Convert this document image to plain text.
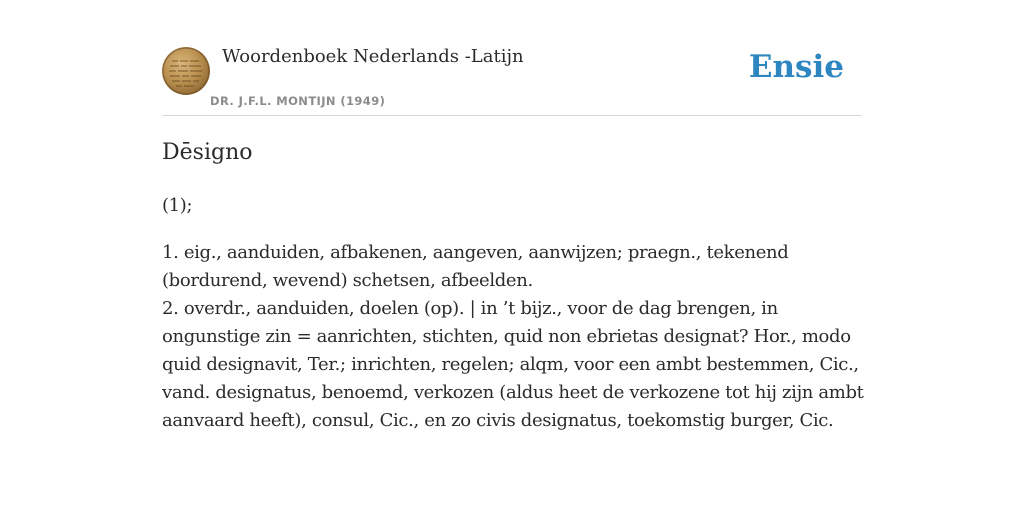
Woordenboek Nederlands -Latijn
DR. J.F.L. MONTIJN (1949)
Ensie
Dēsigno
(1);

1. eig., aanduiden, afbakenen, aangeven, aanwijzen; praegn., tekenend (bordurend, wevend) schetsen, afbeelden.

2. overdr., aanduiden, doelen (op). | in ’t bijz., voor de dag brengen, in ongunstige zin = aanrichten, stichten, quid non ebrietas designat? Hor., modo quid designavit, Ter.; inrichten, regelen; alqm, voor een ambt bestemmen, Cic., vand. designatus, benoemd, verkozen (aldus heet de verkozene tot hij zijn ambt aanvaard heeft), consul, Cic., en zo civis designatus, toekomstig burger, Cic.
